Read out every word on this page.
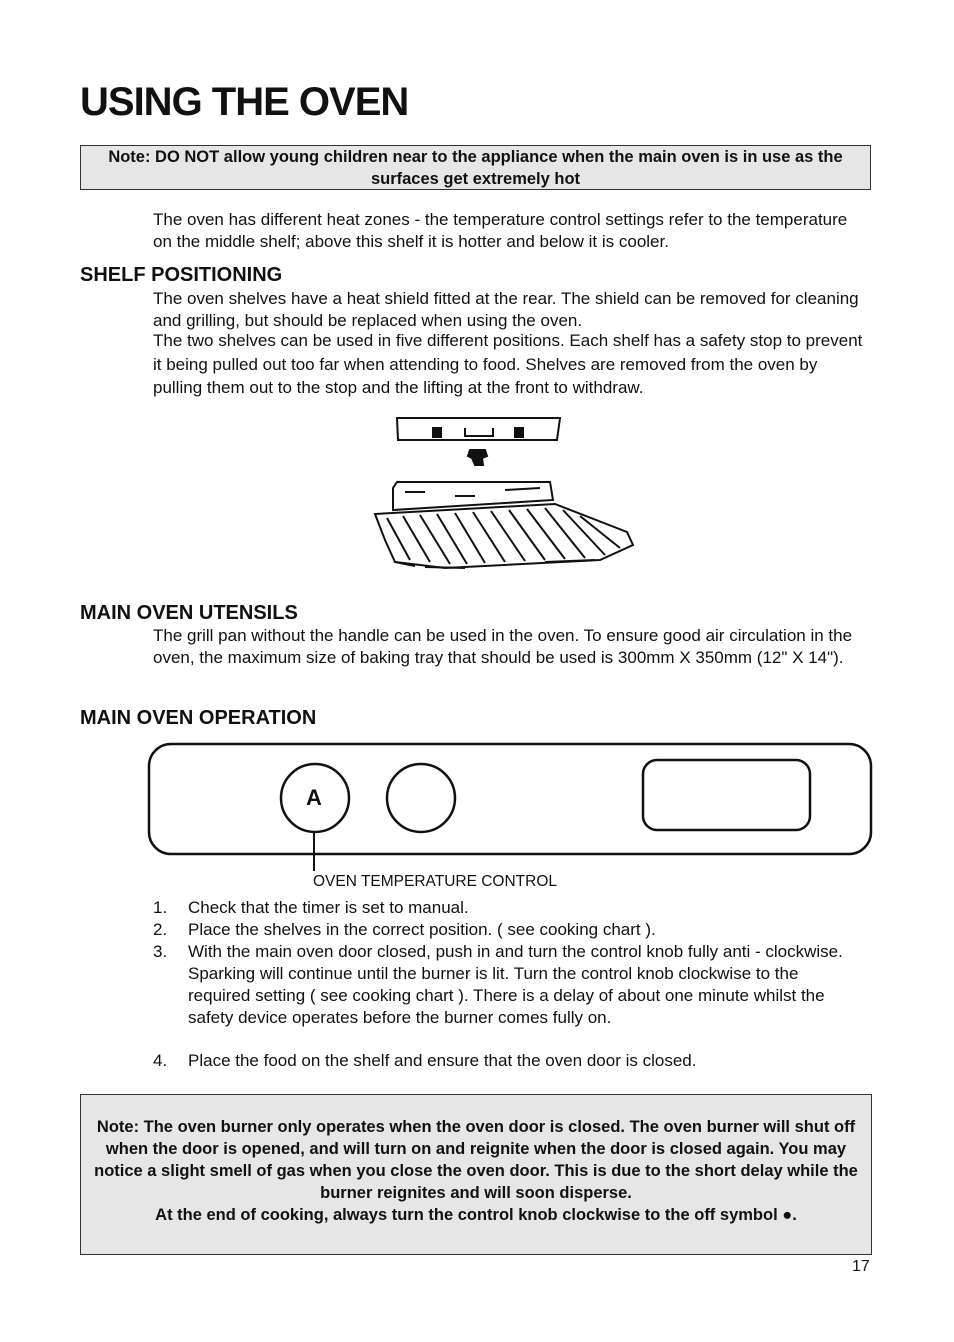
USING THE OVEN
Note: DO NOT allow young children near to the appliance when the main oven is in use as the surfaces get extremely hot

The oven has different heat zones - the temperature control settings refer to the temperature on the middle shelf; above this shelf it is hotter and below it is cooler.

SHELF POSITIONING

The oven shelves have a heat shield fitted at the rear. The shield can be removed for cleaning and grilling, but should be replaced when using the oven.

The two shelves can be used in five different positions. Each shelf has a safety stop to prevent it being pulled out too far when attending to food. Shelves are removed from the oven by pulling them out to the stop and the lifting at the front to withdraw.

MAIN OVEN UTENSILS

The grill pan without the handle can be used in the oven. To ensure good air circulation in the oven, the maximum size of baking tray that should be used is 300mm X 350mm (12" X 14").

MAIN OVEN OPERATION
A
OVEN TEMPERATURE CONTROL
1. Check that the timer is set to manual.
2. Place the shelves in the correct position. ( see cooking chart ).
3. With the main oven door closed, push in and turn the control knob fully anti - clockwise. Sparking will continue until the burner is lit. Turn the control knob clockwise to the required setting ( see cooking chart ). There is a delay of about one minute whilst the safety device operates before the burner comes fully on.
4. Place the food on the shelf and ensure that the oven door is closed.
Note: The oven burner only operates when the oven door is closed. The oven burner will shut off when the door is opened, and will turn on and reignite when the door is closed again. You may notice a slight smell of gas when you close the oven door. This is due to the short delay while the burner reignites and will soon disperse.
At the end of cooking, always turn the control knob clockwise to the off symbol ●.
17
